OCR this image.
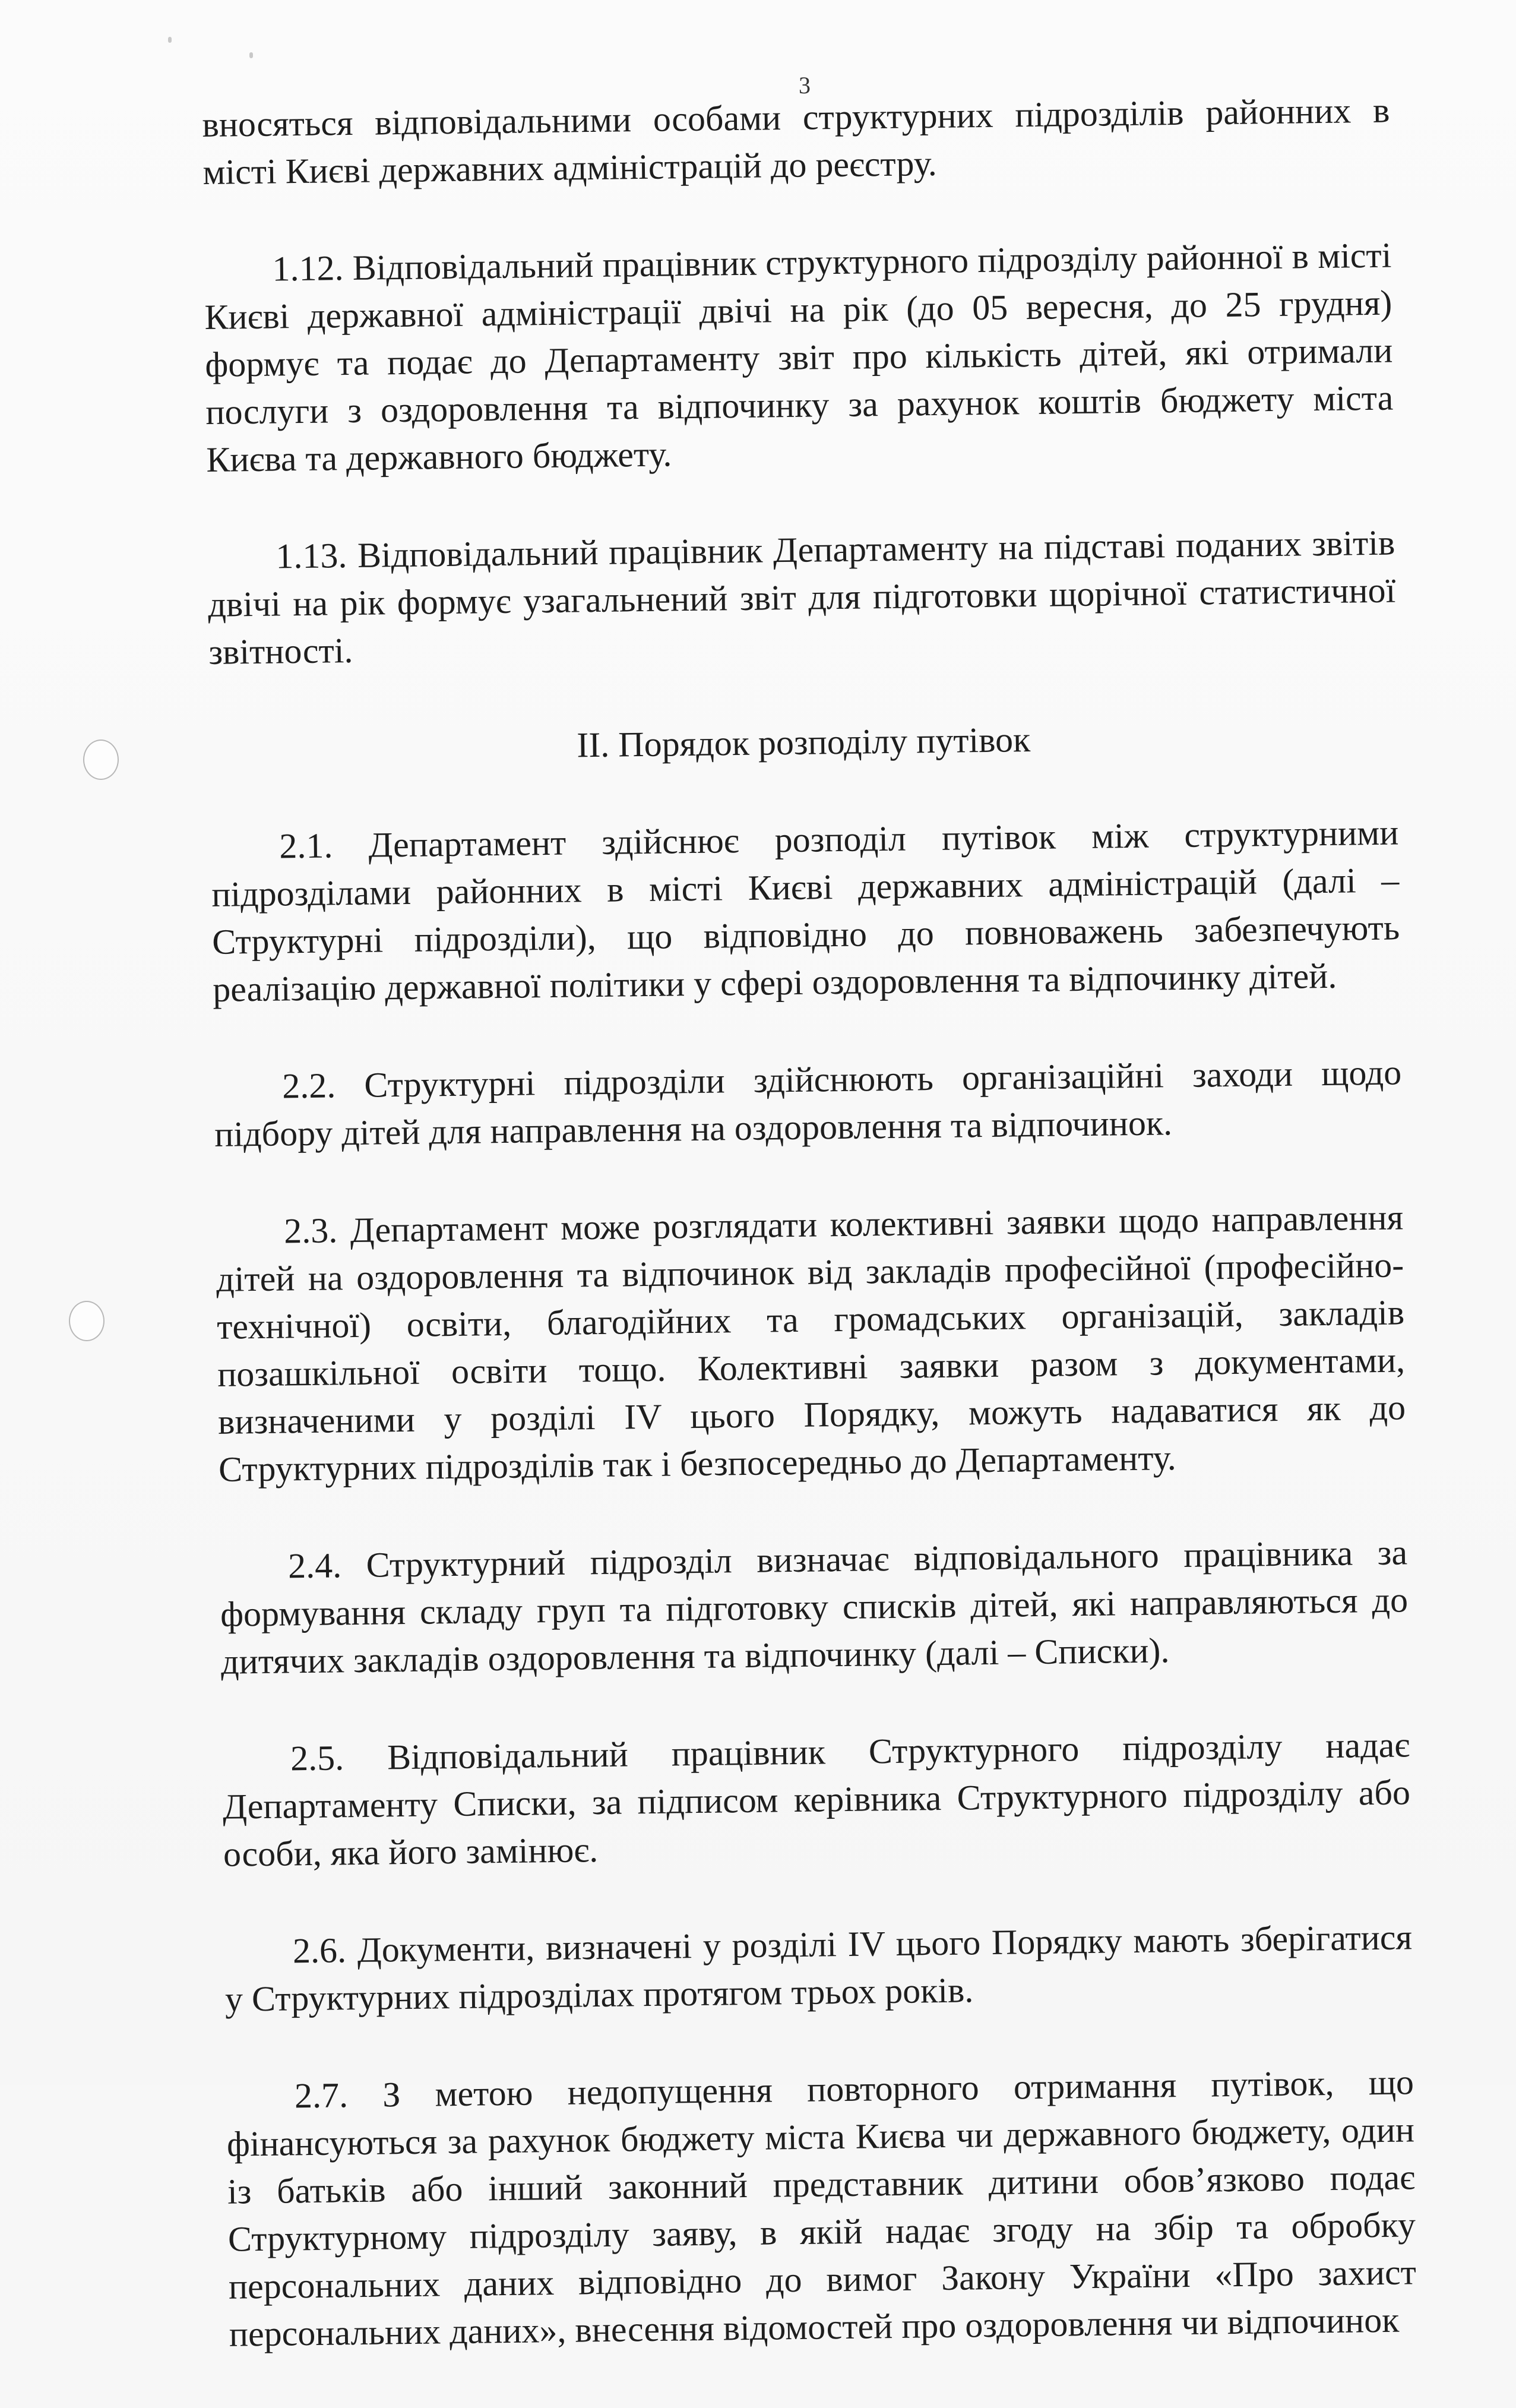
3

вносяться відповідальними особами структурних підрозділів районних в місті Києві державних адміністрацій до реєстру.

1.12. Відповідальний працівник структурного підрозділу районної в місті Києві державної адміністрації двічі на рік (до 05 вересня, до 25 грудня) формує та подає до Департаменту звіт про кількість дітей, які отримали послуги з оздоровлення та відпочинку за рахунок коштів бюджету міста Києва та державного бюджету.

1.13. Відповідальний працівник Департаменту на підставі поданих звітів двічі на рік формує узагальнений звіт для підготовки щорічної статистичної звітності.

II. Порядок розподілу путівок

2.1. Департамент здійснює розподіл путівок між структурними підрозділами районних в місті Києві державних адміністрацій (далі – Структурні підрозділи), що відповідно до повноважень забезпечують реалізацію державної політики у сфері оздоровлення та відпочинку дітей.

2.2. Структурні підрозділи здійснюють організаційні заходи щодо підбору дітей для направлення на оздоровлення та відпочинок.

2.3. Департамент може розглядати колективні заявки щодо направлення дітей на оздоровлення та відпочинок від закладів професійної (професійно-технічної) освіти, благодійних та громадських організацій, закладів позашкільної освіти тощо. Колективні заявки разом з документами, визначеними у розділі IV цього Порядку, можуть надаватися як до Структурних підрозділів так і безпосередньо до Департаменту.

2.4. Структурний підрозділ визначає відповідального працівника за формування складу груп та підготовку списків дітей, які направляються до дитячих закладів оздоровлення та відпочинку (далі – Списки).

2.5. Відповідальний працівник Структурного підрозділу надає Департаменту Списки, за підписом керівника Структурного підрозділу або особи, яка його замінює.

2.6. Документи, визначені у розділі IV цього Порядку мають зберігатися у Структурних підрозділах протягом трьох років.

2.7. З метою недопущення повторного отримання путівок, що фінансуються за рахунок бюджету міста Києва чи державного бюджету, один із батьків або інший законний представник дитини обов’язково подає Структурному підрозділу заяву, в якій надає згоду на збір та обробку персональних даних відповідно до вимог Закону України «Про захист персональних даних», внесення відомостей про оздоровлення чи відпочинок
